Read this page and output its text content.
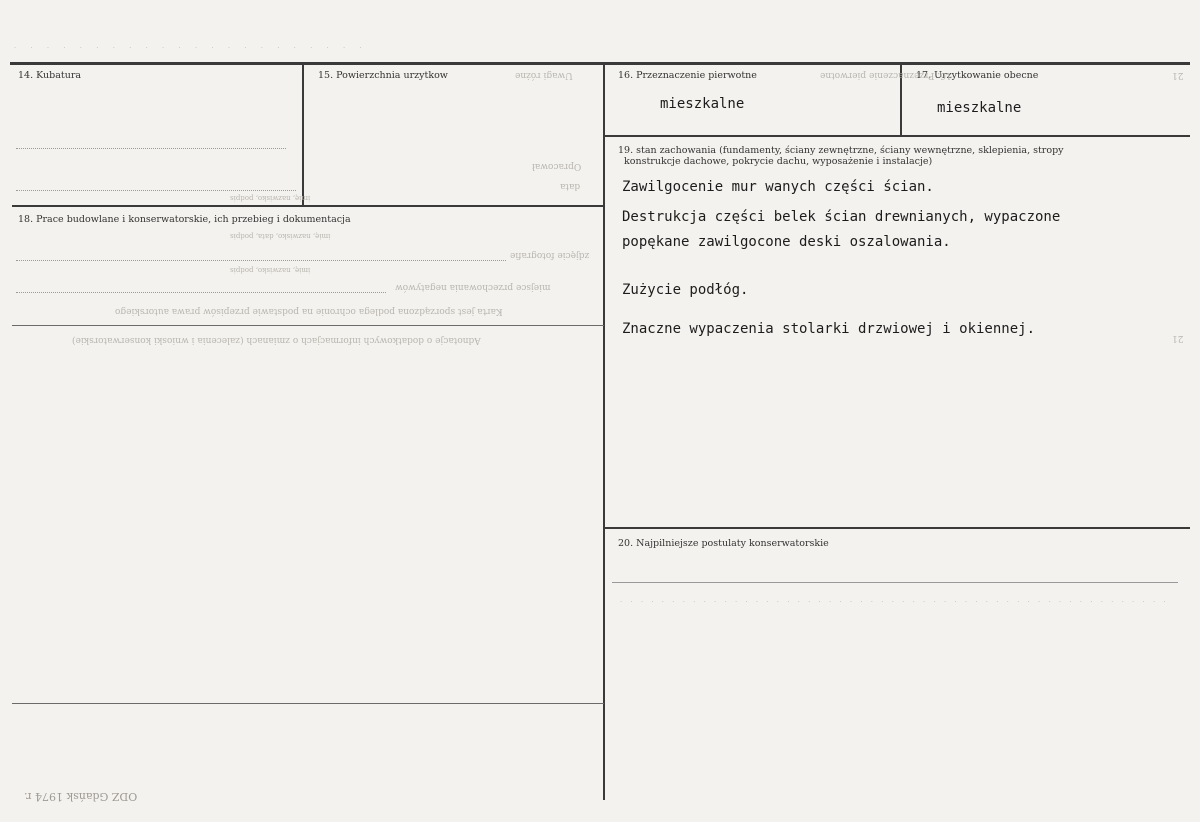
· · · · · · · · · · · · · · · · · · · · · ·
14. Kubatura	15. Powierzchnia urzytkow	16. Przeznaczenie pierwotne
mieszkalne
17. Urzytkowanie obecne
mieszkalne
18. Prace budowlane i konserwatorskie, ich przebieg i dokumentacja
19. stan zachowania (fundamenty, ściany zewnętrzne, ściany wewnętrzne, sklepienia, stropy
konstrukcje dachowe, pokrycie dachu, wyposażenie i instalacje)
Zawilgocenie mur wanych części ścian.
Destrukcja części belek ścian drewnianych, wypaczone
popękane zawilgocone deski oszalowania.
Zużycie podłóg.
Znaczne wypaczenia stolarki drzwiowej i okiennej.
20. Najpilniejsze postulaty konserwatorskie
Uwagi różne	16. Przeznaczenie pierwotne	21
Opracował
data
imię, nazwisko, podpis
imię, nazwisko, data, podpis
zdjęcie fotografie
imię, nazwisko, podpis
miejsce przechowania negatywów
Karta jest sporządzona podlega ochronie na podstawie przepisów prawa autorskiego
Adnotacje o dodatkowych informacjach o zmianach (zalecenia i wnioski konserwatorskie)	21
· · · · · · · · · · · · · · · · · · · · · · · · · · · · · · · · · · · · · · · · · · · · · · · · · · · · ·
ODZ Gdańsk 1974 r.
